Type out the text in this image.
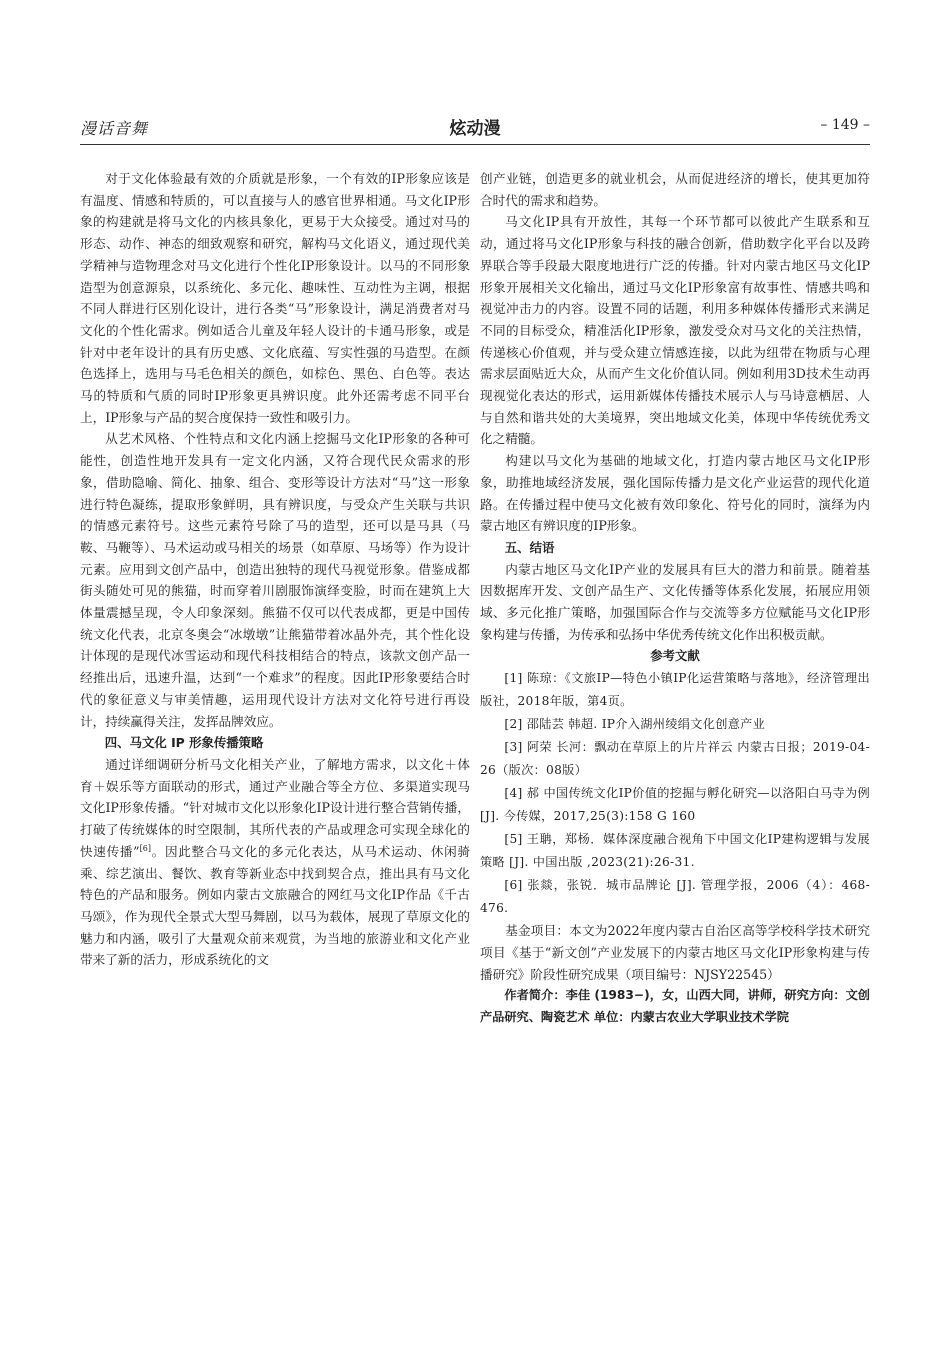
漫话音舞	炫动漫	– 149 –

对于文化体验最有效的介质就是形象，一个有效的IP形象应该是有温度、情感和特质的，可以直接与人的感官世界相通。马文化IP形象的构建就是将马文化的内核具象化，更易于大众接受。通过对马的形态、动作、神态的细致观察和研究，解构马文化语义，通过现代美学精神与造物理念对马文化进行个性化IP形象设计。以马的不同形象造型为创意源泉，以系统化、多元化、趣味性、互动性为主调，根据不同人群进行区别化设计，进行各类“马”形象设计，满足消费者对马文化的个性化需求。例如适合儿童及年轻人设计的卡通马形象，或是针对中老年设计的具有历史感、文化底蕴、写实性强的马造型。在颜色选择上，选用与马毛色相关的颜色，如棕色、黑色、白色等。表达马的特质和气质的同时IP形象更具辨识度。此外还需考虑不同平台上，IP形象与产品的契合度保持一致性和吸引力。

从艺术风格、个性特点和文化内涵上挖掘马文化IP形象的各种可能性，创造性地开发具有一定文化内涵，又符合现代民众需求的形象，借助隐喻、简化、抽象、组合、变形等设计方法对“马”这一形象进行特色凝练，提取形象鲜明，具有辨识度，与受众产生关联与共识的情感元素符号。这些元素符号除了马的造型，还可以是马具（马鞍、马鞭等）、马术运动或马相关的场景（如草原、马场等）作为设计元素。应用到文创产品中，创造出独特的现代马视觉形象。借鉴成都街头随处可见的熊猫，时而穿着川剧服饰演绎变脸，时而在建筑上大体量震撼呈现，令人印象深刻。熊猫不仅可以代表成都，更是中国传统文化代表，北京冬奥会“冰墩墩”让熊猫带着冰晶外壳，其个性化设计体现的是现代冰雪运动和现代科技相结合的特点，该款文创产品一经推出后，迅速升温，达到“一个难求”的程度。因此IP形象要结合时代的象征意义与审美情趣，运用现代设计方法对文化符号进行再设计，持续赢得关注，发挥品牌效应。

四、马文化 IP 形象传播策略

通过详细调研分析马文化相关产业，了解地方需求，以文化＋体育＋娱乐等方面联动的形式，通过产业融合等全方位、多渠道实现马文化IP形象传播。“针对城市文化以形象化IP设计进行整合营销传播，打破了传统媒体的时空限制，其所代表的产品或理念可实现全球化的快速传播”[6]。因此整合马文化的多元化表达，从马术运动、休闲骑乘、综艺演出、餐饮、教育等新业态中找到契合点，推出具有马文化特色的产品和服务。例如内蒙古文旅融合的网红马文化IP作品《千古马颂》，作为现代全景式大型马舞剧，以马为载体，展现了草原文化的魅力和内涵，吸引了大量观众前来观赏，为当地的旅游业和文化产业带来了新的活力，形成系统化的文

创产业链，创造更多的就业机会，从而促进经济的增长，使其更加符合时代的需求和趋势。

马文化IP具有开放性，其每一个环节都可以彼此产生联系和互动，通过将马文化IP形象与科技的融合创新，借助数字化平台以及跨界联合等手段最大限度地进行广泛的传播。针对内蒙古地区马文化IP形象开展相关文化输出，通过马文化IP形象富有故事性、情感共鸣和视觉冲击力的内容。设置不同的话题，利用多种媒体传播形式来满足不同的目标受众，精准活化IP形象，激发受众对马文化的关注热情，传递核心价值观，并与受众建立情感连接，以此为纽带在物质与心理需求层面贴近大众，从而产生文化价值认同。例如利用3D技术生动再现视觉化表达的形式，运用新媒体传播技术展示人与马诗意栖居、人与自然和谐共处的大美境界，突出地域文化美，体现中华传统优秀文化之精髓。

构建以马文化为基础的地域文化，打造内蒙古地区马文化IP形象，助推地域经济发展，强化国际传播力是文化产业运营的现代化道路。在传播过程中使马文化被有效印象化、符号化的同时，演绎为内蒙古地区有辨识度的IP形象。

五、结语

内蒙古地区马文化IP产业的发展具有巨大的潜力和前景。随着基因数据库开发、文创产品生产、文化传播等体系化发展，拓展应用领域、多元化推广策略，加强国际合作与交流等多方位赋能马文化IP形象构建与传播，为传承和弘扬中华优秀传统文化作出积极贡献。

参考文献

[1] 陈琼：《文旅IP—特色小镇IP化运营策略与落地》，经济管理出版社，2018年版，第4页。

[2] 邵陆芸 韩超. IP介入湖州绫绢文化创意产业

[3] 阿荣 长河：飘动在草原上的片片祥云 内蒙古日报；2019-04-26（版次：08版）

[4] 郝 中国传统文化IP价值的挖掘与孵化研究—以洛阳白马寺为例[J]. 今传媒，2017,25(3):158 G 160

[5] 王聃，郑杨．媒体深度融合视角下中国文化IP建构逻辑与发展策略 [J]. 中国出版 ,2023(21):26-31.

[6] 张燚，张锐．城市品牌论 [J]. 管理学报，2006（4）：468-476.

基金项目：本文为2022年度内蒙古自治区高等学校科学技术研究项目《基于“新文创”产业发展下的内蒙古地区马文化IP形象构建与传播研究》阶段性研究成果（项目编号：NJSY22545）

作者简介：李佳 (1983−)，女，山西大同，讲师，研究方向：文创产品研究、陶瓷艺术 单位：内蒙古农业大学职业技术学院
